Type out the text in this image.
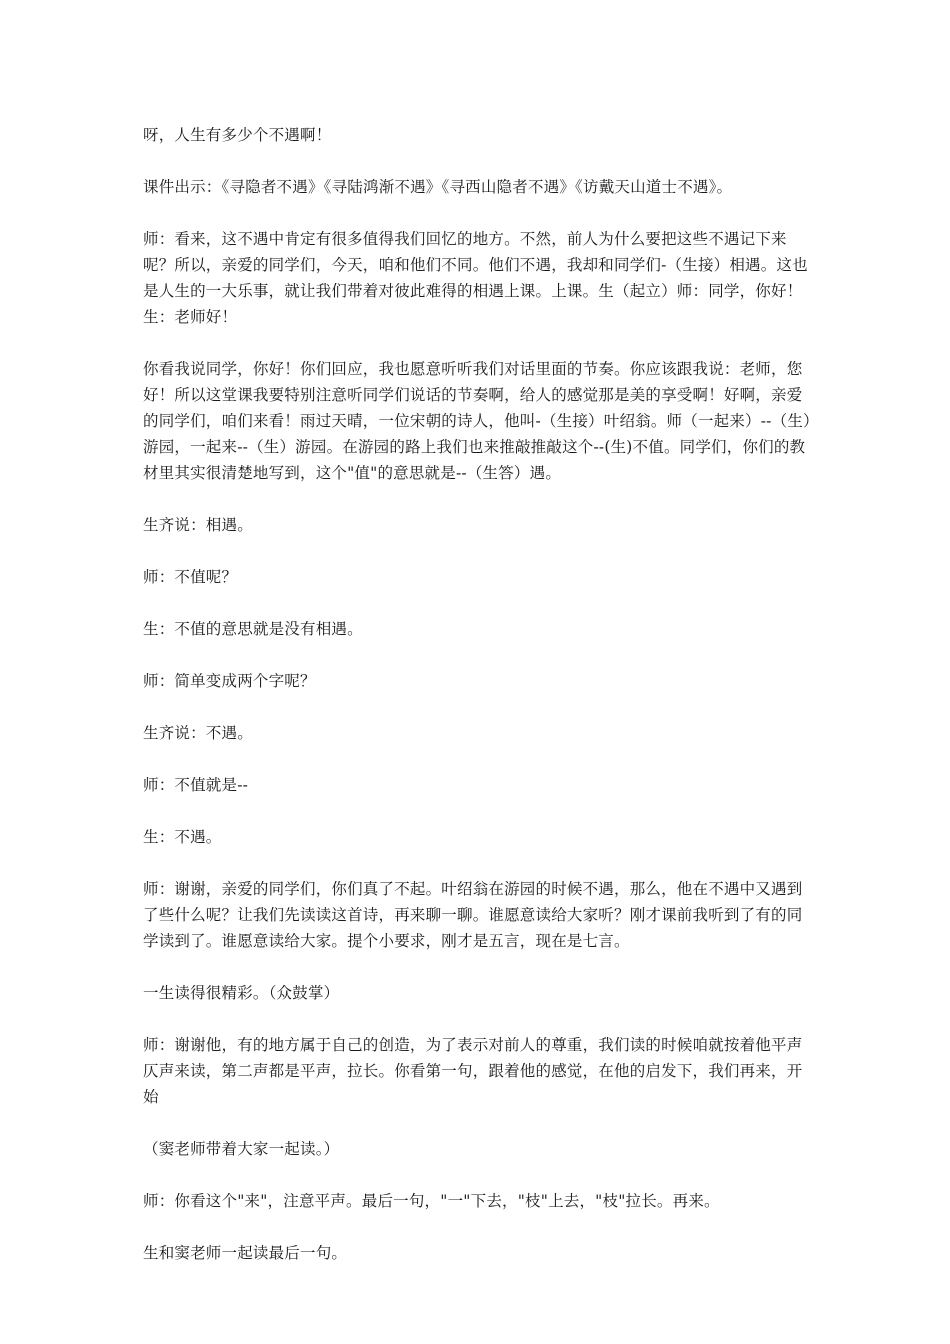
呀，人生有多少个不遇啊！

课件出示：《寻隐者不遇》《寻陆鸿渐不遇》《寻西山隐者不遇》《访戴天山道士不遇》。

师：看来，这不遇中肯定有很多值得我们回忆的地方。不然，前人为什么要把这些不遇记下来呢？所以，亲爱的同学们，今天，咱和他们不同。他们不遇，我却和同学们-（生接）相遇。这也是人生的一大乐事，就让我们带着对彼此难得的相遇上课。上课。生（起立）师：同学，你好！生：老师好！

你看我说同学，你好！你们回应，我也愿意听听我们对话里面的节奏。你应该跟我说：老师，您好！所以这堂课我要特别注意听同学们说话的节奏啊，给人的感觉那是美的享受啊！好啊，亲爱的同学们，咱们来看！雨过天晴，一位宋朝的诗人，他叫-（生接）叶绍翁。师（一起来）--（生）游园，一起来--（生）游园。在游园的路上我们也来推敲推敲这个--(生)不值。同学们，你们的教材里其实很清楚地写到，这个"值"的意思就是--（生答）遇。

生齐说：相遇。

师：不值呢？

生：不值的意思就是没有相遇。

师：简单变成两个字呢？

生齐说：不遇。

师：不值就是--

生：不遇。

师：谢谢，亲爱的同学们，你们真了不起。叶绍翁在游园的时候不遇，那么，他在不遇中又遇到了些什么呢？让我们先读读这首诗，再来聊一聊。谁愿意读给大家听？刚才课前我听到了有的同学读到了。谁愿意读给大家。提个小要求，刚才是五言，现在是七言。

一生读得很精彩。（众鼓掌）

师：谢谢他，有的地方属于自己的创造，为了表示对前人的尊重，我们读的时候咱就按着他平声仄声来读，第二声都是平声，拉长。你看第一句，跟着他的感觉，在他的启发下，我们再来，开始

（窦老师带着大家一起读。）

师：你看这个"来"，注意平声。最后一句，"一"下去，"枝"上去，"枝"拉长。再来。

生和窦老师一起读最后一句。
